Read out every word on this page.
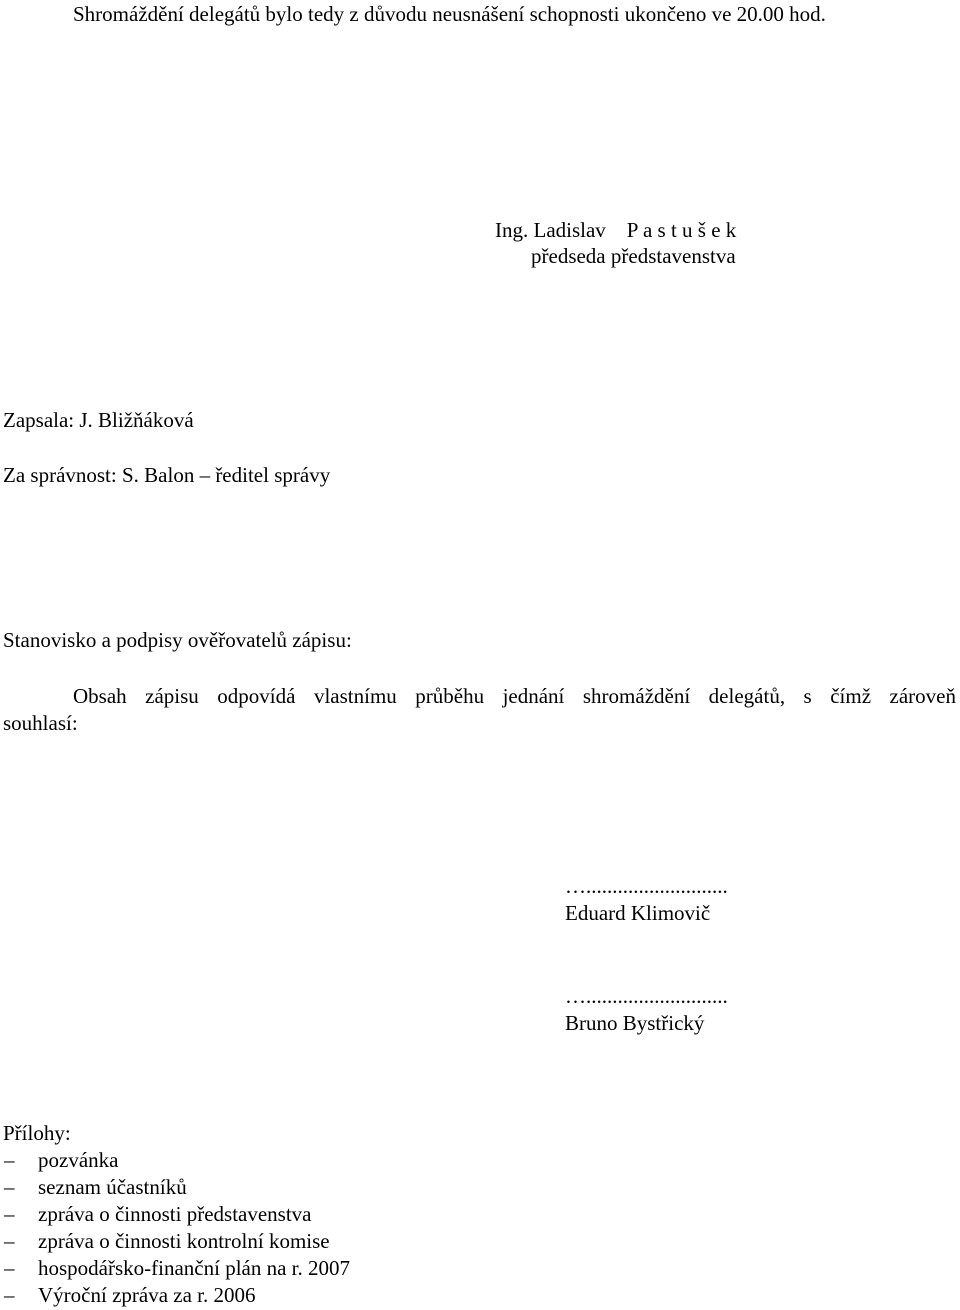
Shromáždění delegátů bylo tedy z důvodu neusnášení schopnosti ukončeno ve 20.00 hod.
Ing. Ladislav    P a s t u š e k
předseda představenstva
Zapsala: J. Bližňáková
Za správnost: S. Balon – ředitel správy
Stanovisko a podpisy ověřovatelů zápisu:
Obsah zápisu odpovídá vlastnímu průběhu jednání shromáždění delegátů, s čímž zároveň
souhlasí:
…...........................
Eduard Klimovič
…...........................
Bruno Bystřický
Přílohy:
– pozvánka
– seznam účastníků
– zpráva o činnosti představenstva
– zpráva o činnosti kontrolní komise
– hospodářsko-finanční plán na r. 2007
– Výroční zpráva za r. 2006
